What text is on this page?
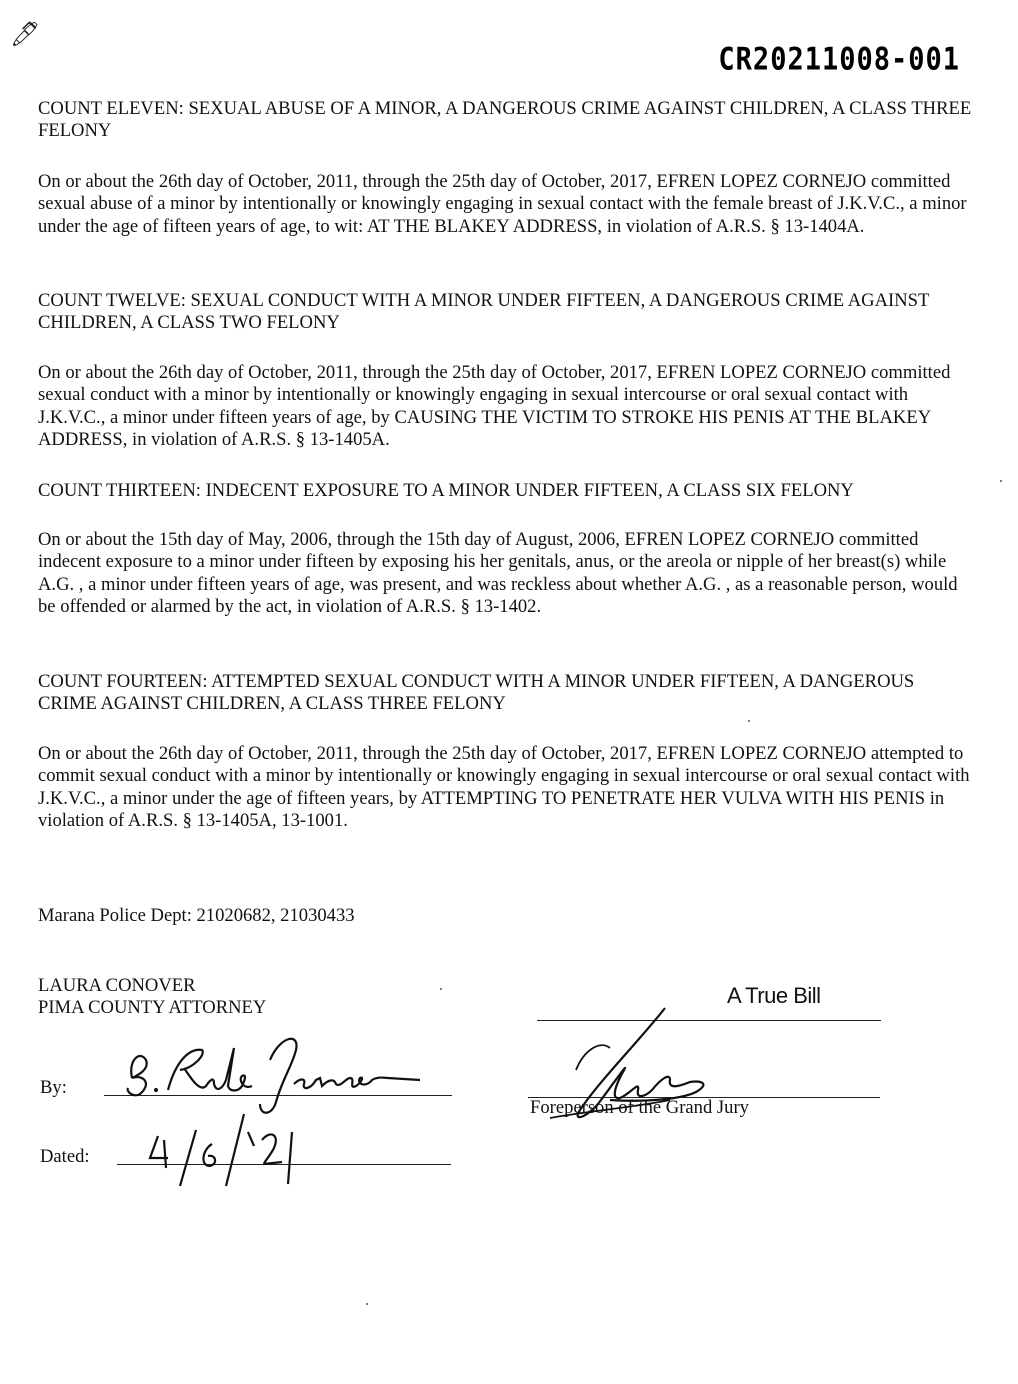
🖊
CR20211008-001

COUNT ELEVEN: SEXUAL ABUSE OF A MINOR, A DANGEROUS CRIME AGAINST CHILDREN, A CLASS THREE FELONY

On or about the 26th day of October, 2011, through the 25th day of October, 2017, EFREN LOPEZ CORNEJO committed sexual abuse of a minor by intentionally or knowingly engaging in sexual contact with the female breast of J.K.V.C., a minor under the age of fifteen years of age, to wit: AT THE BLAKEY ADDRESS, in violation of A.R.S. § 13-1404A.

COUNT TWELVE: SEXUAL CONDUCT WITH A MINOR UNDER FIFTEEN, A DANGEROUS CRIME AGAINST CHILDREN, A CLASS TWO FELONY

On or about the 26th day of October, 2011, through the 25th day of October, 2017, EFREN LOPEZ CORNEJO committed sexual conduct with a minor by intentionally or knowingly engaging in sexual intercourse or oral sexual contact with J.K.V.C., a minor under fifteen years of age, by CAUSING THE VICTIM TO STROKE HIS PENIS AT THE BLAKEY ADDRESS, in violation of A.R.S. § 13-1405A.

COUNT THIRTEEN: INDECENT EXPOSURE TO A MINOR UNDER FIFTEEN, A CLASS SIX FELONY

On or about the 15th day of May, 2006, through the 15th day of August, 2006, EFREN LOPEZ CORNEJO committed indecent exposure to a minor under fifteen by exposing his her genitals, anus, or the areola or nipple of her breast(s) while A.G. , a minor under fifteen years of age, was present, and was reckless about whether A.G. , as a reasonable person, would be offended or alarmed by the act, in violation of A.R.S. § 13-1402.

COUNT FOURTEEN: ATTEMPTED SEXUAL CONDUCT WITH A MINOR UNDER FIFTEEN, A DANGEROUS CRIME AGAINST CHILDREN, A CLASS THREE FELONY

On or about the 26th day of October, 2011, through the 25th day of October, 2017, EFREN LOPEZ CORNEJO attempted to commit sexual conduct with a minor by intentionally or knowingly engaging in sexual intercourse or oral sexual contact with J.K.V.C., a minor under the age of fifteen years, by ATTEMPTING TO PENETRATE HER VULVA WITH HIS PENIS in violation of A.R.S. § 13-1405A, 13-1001.

Marana Police Dept: 21020682, 21030433
LAURA CONOVER
PIMA COUNTY ATTORNEY
By:
Dated:
A True Bill
Foreperson of the Grand Jury
